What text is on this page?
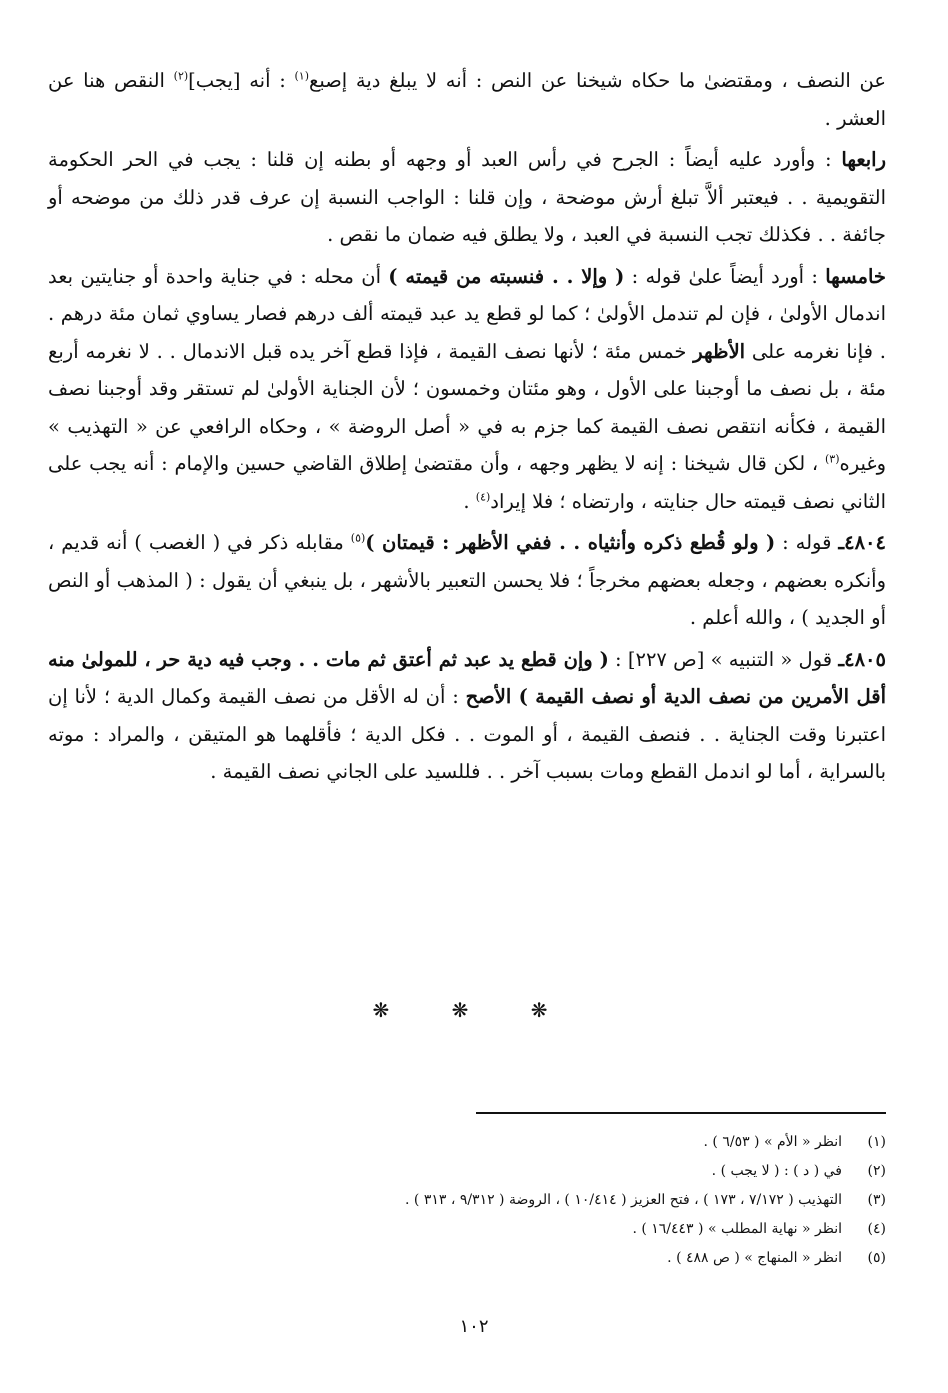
عن النصف ، ومقتضىٰ ما حكاه شيخنا عن النص : أنه لا يبلغ دية إصبع$^{(١)}$ : أنه [يجب]$^{(٢)}$ النقص هنا عن العشر .

رابعها : وأورد عليه أيضاً : الجرح في رأس العبد أو وجهه أو بطنه إن قلنا : يجب في الحر الحكومة التقويمية . . فيعتبر ألاَّ تبلغ أرش موضحة ، وإن قلنا : الواجب النسبة إن عرف قدر ذلك من موضحه أو جائفة . . فكذلك تجب النسبة في العبد ، ولا يطلق فيه ضمان ما نقص .

خامسها : أورد أيضاً علىٰ قوله : ( وإلا . . فنسبته من قيمته ) أن محله : في جناية واحدة أو جنايتين بعد اندمال الأولىٰ ، فإن لم تندمل الأولىٰ ؛ كما لو قطع يد عبد قيمته ألف درهم فصار يساوي ثمان مئة درهم . . فإنا نغرمه على الأظهر خمس مئة ؛ لأنها نصف القيمة ، فإذا قطع آخر يده قبل الاندمال . . لا نغرمه أربع مئة ، بل نصف ما أوجبنا على الأول ، وهو مئتان وخمسون ؛ لأن الجناية الأولىٰ لم تستقر وقد أوجبنا نصف القيمة ، فكأنه انتقص نصف القيمة كما جزم به في « أصل الروضة » ، وحكاه الرافعي عن « التهذيب » وغيره$^{(٣)}$ ، لكن قال شيخنا : إنه لا يظهر وجهه ، وأن مقتضىٰ إطلاق القاضي حسين والإمام : أنه يجب على الثاني نصف قيمته حال جنايته ، وارتضاه ؛ فلا إيراد$^{(٤)}$ .

٤٨٠٤ـ قوله : ( ولو قُطع ذكره وأنثياه . . ففي الأظهر : قيمتان )$^{(٥)}$ مقابله ذكر في ( الغصب ) أنه قديم ، وأنكره بعضهم ، وجعله بعضهم مخرجاً ؛ فلا يحسن التعبير بالأشهر ، بل ينبغي أن يقول : ( المذهب أو النص أو الجديد ) ، والله أعلم .

٤٨٠٥ـ قول « التنبيه » [ص ٢٢٧] : ( وإن قطع يد عبد ثم أعتق ثم مات . . وجب فيه دية حر ، للمولىٰ منه أقل الأمرين من نصف الدية أو نصف القيمة ) الأصح : أن له الأقل من نصف القيمة وكمال الدية ؛ لأنا إن اعتبرنا وقت الجناية . . فنصف القيمة ، أو الموت . . فكل الدية ؛ فأقلهما هو المتيقن ، والمراد : موته بالسراية ، أما لو اندمل القطع ومات بسبب آخر . . فللسيد على الجاني نصف القيمة .

❋ ❋ ❋
(١)
انظر « الأم » ( ٦/٥٣ ) .
(٢)
في ( د ) : ( لا يجب ) .
(٣)
التهذيب ( ٧/١٧٢ ، ١٧٣ ) ، فتح العزيز ( ١٠/٤١٤ ) ، الروضة ( ٩/٣١٢ ، ٣١٣ ) .
(٤)
انظر « نهاية المطلب » ( ١٦/٤٤٣ ) .
(٥)
انظر « المنهاج » ( ص ٤٨٨ ) .
١٠٢
